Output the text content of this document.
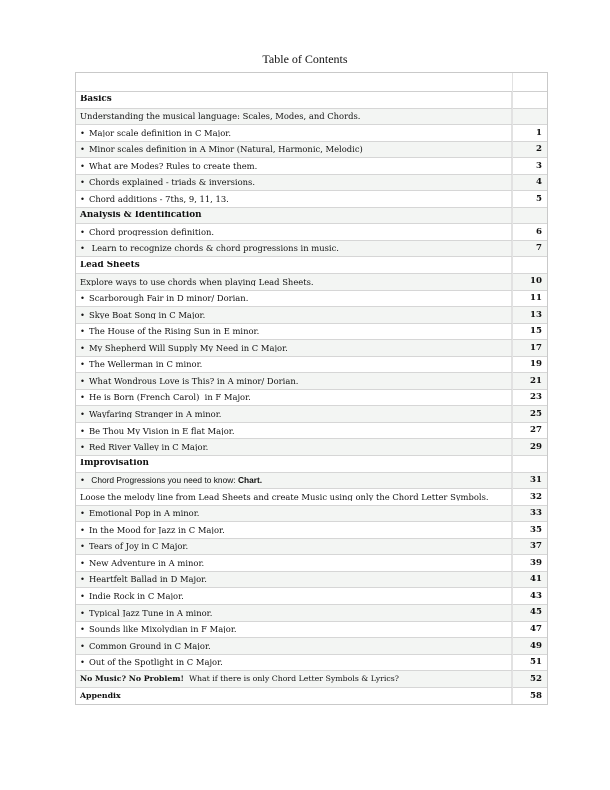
Table of Contents
Basics
Understanding the musical language: Scales, Modes, and Chords.
• Major scale definition in C Major.	1
• Minor scales definition in A Minor (Natural, Harmonic, Melodic)	2
• What are Modes? Rules to create them.	3
• Chords explained - triads & inversions.	4
• Chord additions - 7ths, 9, 11, 13.	5
Analysis & Identification
• Chord progression definition.	6
• Learn to recognize chords & chord progressions in music.	7
Lead Sheets
Explore ways to use chords when playing Lead Sheets.	10
• Scarborough Fair in D minor/ Dorian.	11
• Skye Boat Song in C Major.	13
• The House of the Rising Sun in E minor.	15
• My Shepherd Will Supply My Need in C Major.	17
• The Wellerman in C minor.	19
• What Wondrous Love is This? in A minor/ Dorian.	21
• He is Born (French Carol)  in F Major.	23
• Wayfaring Stranger in A minor.	25
• Be Thou My Vision in E flat Major.	27
• Red River Valley in C Major.	29
Improvisation
• Chord Progressions you need to know: Chart.	31
Loose the melody line from Lead Sheets and create Music using only the Chord Letter Symbols.	32
• Emotional Pop in A minor.	33
• In the Mood for Jazz in C Major.	35
• Tears of Joy in C Major.	37
• New Adventure in A minor.	39
• Heartfelt Ballad in D Major.	41
• Indie Rock in C Major.	43
• Typical Jazz Tune in A minor.	45
• Sounds like Mixolydian in F Major.	47
• Common Ground in C Major.	49
• Out of the Spotlight in C Major.	51
No Music? No Problem!  What if there is only Chord Letter Symbols & Lyrics?	52
Appendix	58
